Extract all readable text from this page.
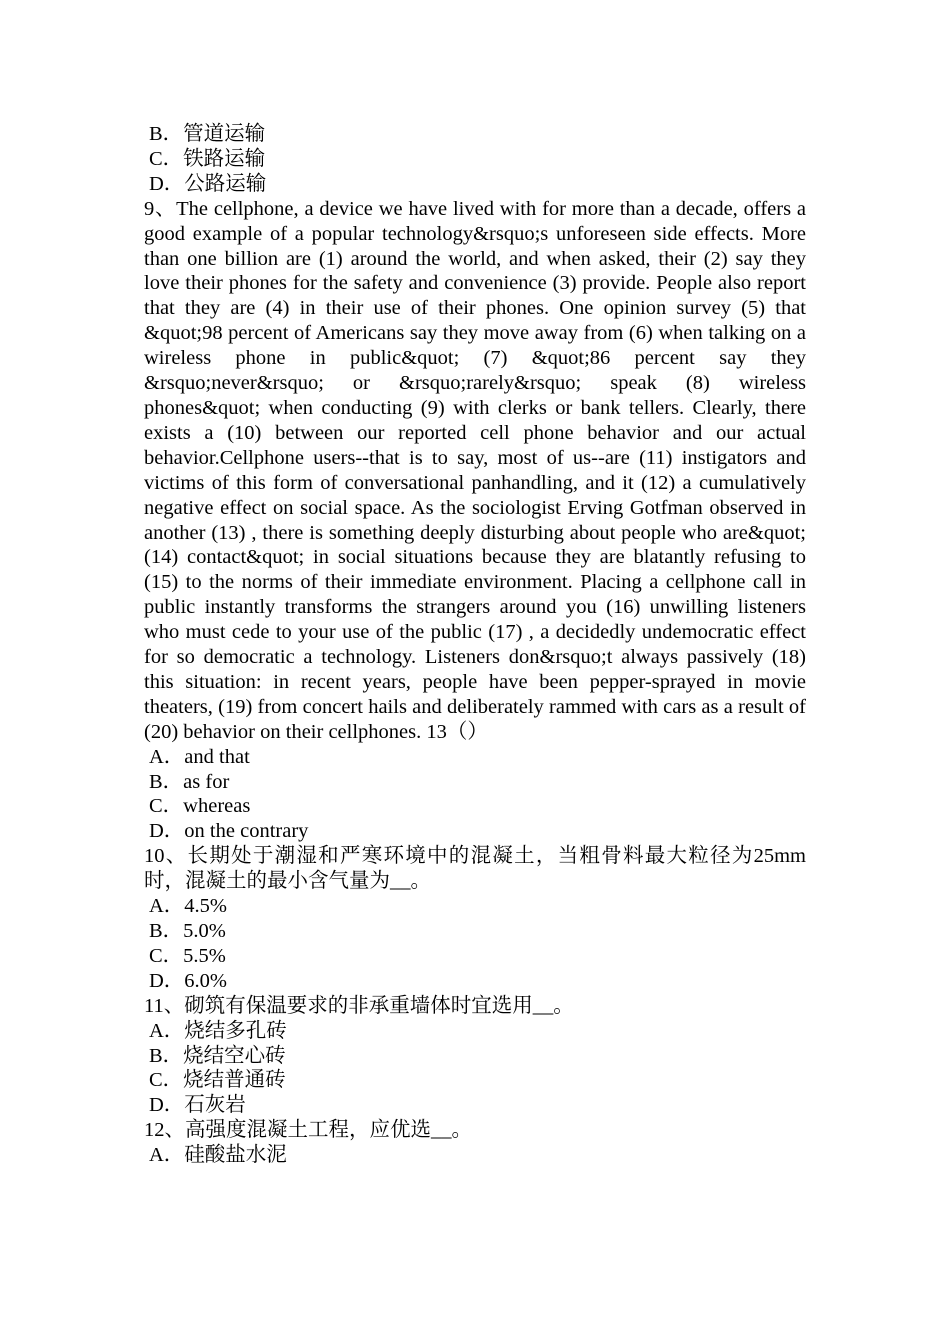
B．管道运输
C．铁路运输
D．公路运输
9、The cellphone, a device we have lived with for more than a decade, offers a good example of a popular technology&rsquo;s unforeseen side effects. More than one billion are (1) around the world, and when asked, their (2) say they love their phones for the safety and convenience (3) provide. People also report that they are (4) in their use of their phones. One opinion survey (5) that &quot;98 percent of Americans say they move away from (6) when talking on a wireless phone in public&quot; (7) &quot;86 percent say they &rsquo;never&rsquo; or &rsquo;rarely&rsquo; speak (8) wireless phones&quot; when conducting (9) with clerks or bank tellers. Clearly, there exists a (10) between our reported cell phone behavior and our actual behavior.Cellphone users--that is to say, most of us--are (11) instigators and victims of this form of conversational panhandling, and it (12) a cumulatively negative effect on social space. As the sociologist Erving Gotfman observed in another (13) , there is something deeply disturbing about people who are&quot; (14) contact&quot; in social situations because they are blatantly refusing to (15) to the norms of their immediate environment. Placing a cellphone call in public instantly transforms the strangers around you (16) unwilling listeners who must cede to your use of the public (17) , a decidedly undemocratic effect for so democratic a technology. Listeners don&rsquo;t always passively (18) this situation: in recent years, people have been pepper-sprayed in movie theaters, (19) from concert hails and deliberately rammed with cars as a result of (20) behavior on their cellphones. 13（）
A．and that
B．as for
C．whereas
D．on the contrary
10、长期处于潮湿和严寒环境中的混凝土，当粗骨料最大粒径为25mm时，混凝土的最小含气量为__。
A．4.5%
B．5.0%
C．5.5%
D．6.0%
11、砌筑有保温要求的非承重墙体时宜选用__。
A．烧结多孔砖
B．烧结空心砖
C．烧结普通砖
D．石灰岩
12、高强度混凝土工程，应优选__。
A．硅酸盐水泥
